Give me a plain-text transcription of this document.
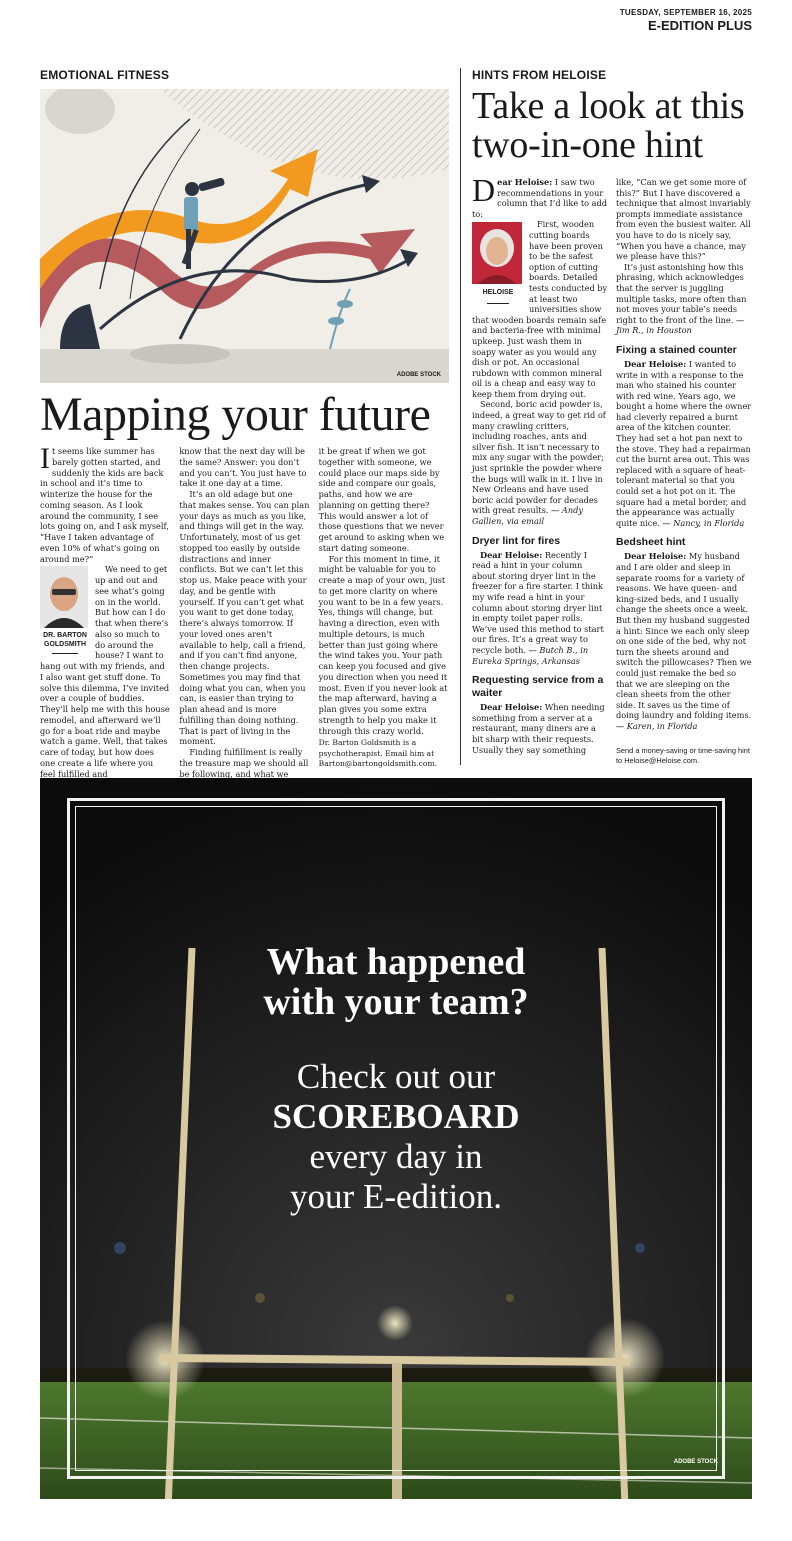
TUESDAY, SEPTEMBER 16, 2025
E-EDITION PLUS
EMOTIONAL FITNESS
ADOBE STOCK
Mapping your future

It seems like summer has barely gotten started, and suddenly the kids are back in school and it’s time to winterize the house for the coming season. As I look around the community, I see lots going on, and I ask myself, “Have I taken advantage of even 10% of what’s going on around me?”

DR. BARTON
GOLDSMITH

We need to get up and out and see what’s going on in the world. But how can I do that when there’s also so much to do around the house? I want to hang out with my friends, and I also want get stuff done. To solve this dilemma, I’ve invited over a couple of buddies. They’ll help me with this house remodel, and afterward we’ll go for a boat ride and maybe watch a game. Well, that takes care of today, but how does one create a life where you feel fulfilled and

know that the next day will be the same? Answer: you don’t and you can’t. You just have to take it one day at a time.

It’s an old adage but one that makes sense. You can plan your days as much as you like, and things will get in the way. Unfortunately, most of us get stopped too easily by outside distractions and inner conflicts. But we can’t let this stop us. Make peace with your day, and be gentle with yourself. If you can’t get what you want to get done today, there’s always tomorrow. If your loved ones aren’t available to help, call a friend, and if you can’t find anyone, then change projects. Sometimes you may find that doing what you can, when you can, is easier than trying to plan ahead and is more fulfilling than doing nothing. That is part of living in the moment.

Finding fulfillment is really the treasure map we should all be following, and what we

it be great if when we got together with someone, we could place our maps side by side and compare our goals, paths, and how we are planning on getting there? This would answer a lot of those questions that we never get around to asking when we start dating someone.

For this moment in time, it might be valuable for you to create a map of your own, just to get more clarity on where you want to be in a few years. Yes, things will change, but having a direction, even with multiple detours, is much better than just going where the wind takes you. Your path can keep you focused and give you direction when you need it most. Even if you never look at the map afterward, having a plan gives you some extra strength to help you make it through this crazy world.

Dr. Barton Goldsmith is a psychotherapist. Email him at Barton@bartongoldsmith.com.

HINTS FROM HELOISE
Take a look at this two-in-one hint

Dear Heloise: I saw two recommendations in your column that I’d like to add to:

HELOISE

First, wooden cutting boards have been proven to be the safest option of cutting boards. Detailed tests conducted by at least two universities show that wooden boards remain safe and bacteria-free with minimal upkeep. Just wash them in soapy water as you would any dish or pot. An occasional rubdown with common mineral oil is a cheap and easy way to keep them from drying out.

Second, boric acid powder is, indeed, a great way to get rid of many crawling critters, including roaches, ants and silver fish. It isn’t necessary to mix any sugar with the powder; just sprinkle the powder where the bugs will walk in it. I live in New Orleans and have used boric acid powder for decades with great results. — Andy Gallien, via email

Dryer lint for fires

Dear Heloise: Recently I read a hint in your column about storing dryer lint in the freezer for a fire starter. I think my wife read a hint in your column about storing dryer lint in empty toilet paper rolls. We’ve used this method to start our fires. It’s a great way to recycle both. — Butch B., in Eureka Springs, Arkansas

Requesting service from a waiter

Dear Heloise: When needing something from a server at a restaurant, many diners are a bit sharp with their requests. Usually they say something

like, “Can we get some more of this?” But I have discovered a technique that almost invariably prompts immediate assistance from even the busiest waiter. All you have to do is nicely say, “When you have a chance, may we please have this?”

It’s just astonishing how this phrasing, which acknowledges that the server is juggling multiple tasks, more often than not moves your table’s needs right to the front of the line. — Jim R., in Houston

Fixing a stained counter

Dear Heloise: I wanted to write in with a response to the man who stained his counter with red wine. Years ago, we bought a home where the owner had cleverly repaired a burnt area of the kitchen counter. They had set a hot pan next to the stove. They had a repairman cut the burnt area out. This was replaced with a square of heat-tolerant material so that you could set a hot pot on it. The square had a metal border, and the appearance was actually quite nice. — Nancy, in Florida

Bedsheet hint

Dear Heloise: My husband and I are older and sleep in separate rooms for a variety of reasons. We have queen- and king-sized beds, and I usually change the sheets once a week. But then my husband suggested a hint: Since we each only sleep on one side of the bed, why not turn the sheets around and switch the pillowcases? Then we could just remake the bed so that we are sleeping on the clean sheets from the other side. It saves us the time of doing laundry and folding items. — Karen, in Florida

Send a money-saving or time-saving hint to Heloise@Heloise.com.

What happened
with your team?
Check out our
SCOREBOARD
every day in
your E-edition.
ADOBE STOCK
